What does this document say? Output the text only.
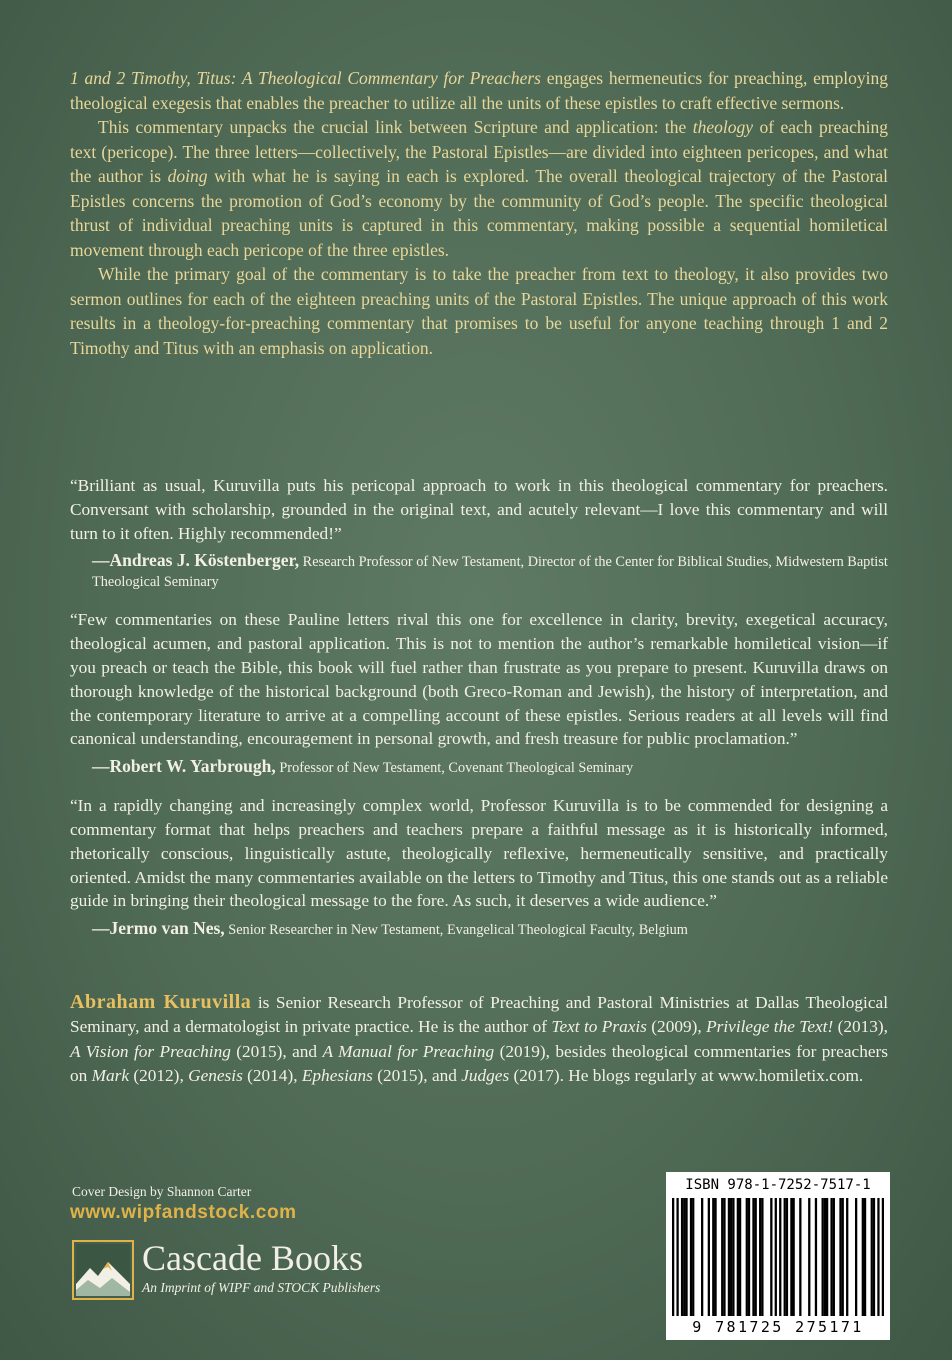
1 and 2 Timothy, Titus: A Theological Commentary for Preachers engages hermeneutics for preaching, employing theological exegesis that enables the preacher to utilize all the units of these epistles to craft effective sermons.

This commentary unpacks the crucial link between Scripture and application: the theology of each preaching text (pericope). The three letters—collectively, the Pastoral Epistles—are divided into eighteen pericopes, and what the author is doing with what he is saying in each is explored. The overall theological trajectory of the Pastoral Epistles concerns the promotion of God’s economy by the community of God’s people. The specific theological thrust of individual preaching units is captured in this commentary, making possible a sequential homiletical movement through each pericope of the three epistles.

While the primary goal of the commentary is to take the preacher from text to theology, it also provides two sermon outlines for each of the eighteen preaching units of the Pastoral Epistles. The unique approach of this work results in a theology-for-preaching commentary that promises to be useful for anyone teaching through 1 and 2 Timothy and Titus with an emphasis on application.

“Brilliant as usual, Kuruvilla puts his pericopal approach to work in this theological commentary for preachers. Conversant with scholarship, grounded in the original text, and acutely relevant—I love this commentary and will turn to it often. Highly recommended!”

—Andreas J. Köstenberger, Research Professor of New Testament, Director of the Center for Biblical Studies, Midwestern Baptist Theological Seminary

“Few commentaries on these Pauline letters rival this one for excellence in clarity, brevity, exegetical accuracy, theological acumen, and pastoral application. This is not to mention the author’s remarkable homiletical vision—if you preach or teach the Bible, this book will fuel rather than frustrate as you prepare to present. Kuruvilla draws on thorough knowledge of the historical background (both Greco-Roman and Jewish), the history of interpretation, and the contemporary literature to arrive at a compelling account of these epistles. Serious readers at all levels will find canonical understanding, encouragement in personal growth, and fresh treasure for public proclamation.”

—Robert W. Yarbrough, Professor of New Testament, Covenant Theological Seminary

“In a rapidly changing and increasingly complex world, Professor Kuruvilla is to be commended for designing a commentary format that helps preachers and teachers prepare a faithful message as it is historically informed, rhetorically conscious, linguistically astute, theologically reflexive, hermeneutically sensitive, and practically oriented. Amidst the many commentaries available on the letters to Timothy and Titus, this one stands out as a reliable guide in bringing their theological message to the fore. As such, it deserves a wide audience.”

—Jermo van Nes, Senior Researcher in New Testament, Evangelical Theological Faculty, Belgium

Abraham Kuruvilla is Senior Research Professor of Preaching and Pastoral Ministries at Dallas Theological Seminary, and a dermatologist in private practice. He is the author of Text to Praxis (2009), Privilege the Text! (2013), A Vision for Preaching (2015), and A Manual for Preaching (2019), besides theological commentaries for preachers on Mark (2012), Genesis (2014), Ephesians (2015), and Judges (2017). He blogs regularly at www.homiletix.com.
Cover Design by Shannon Carter
www.wipfandstock.com
Cascade Books
An Imprint of WIPF and STOCK Publishers
ISBN 978-1-7252-7517-1
9 781725 275171
